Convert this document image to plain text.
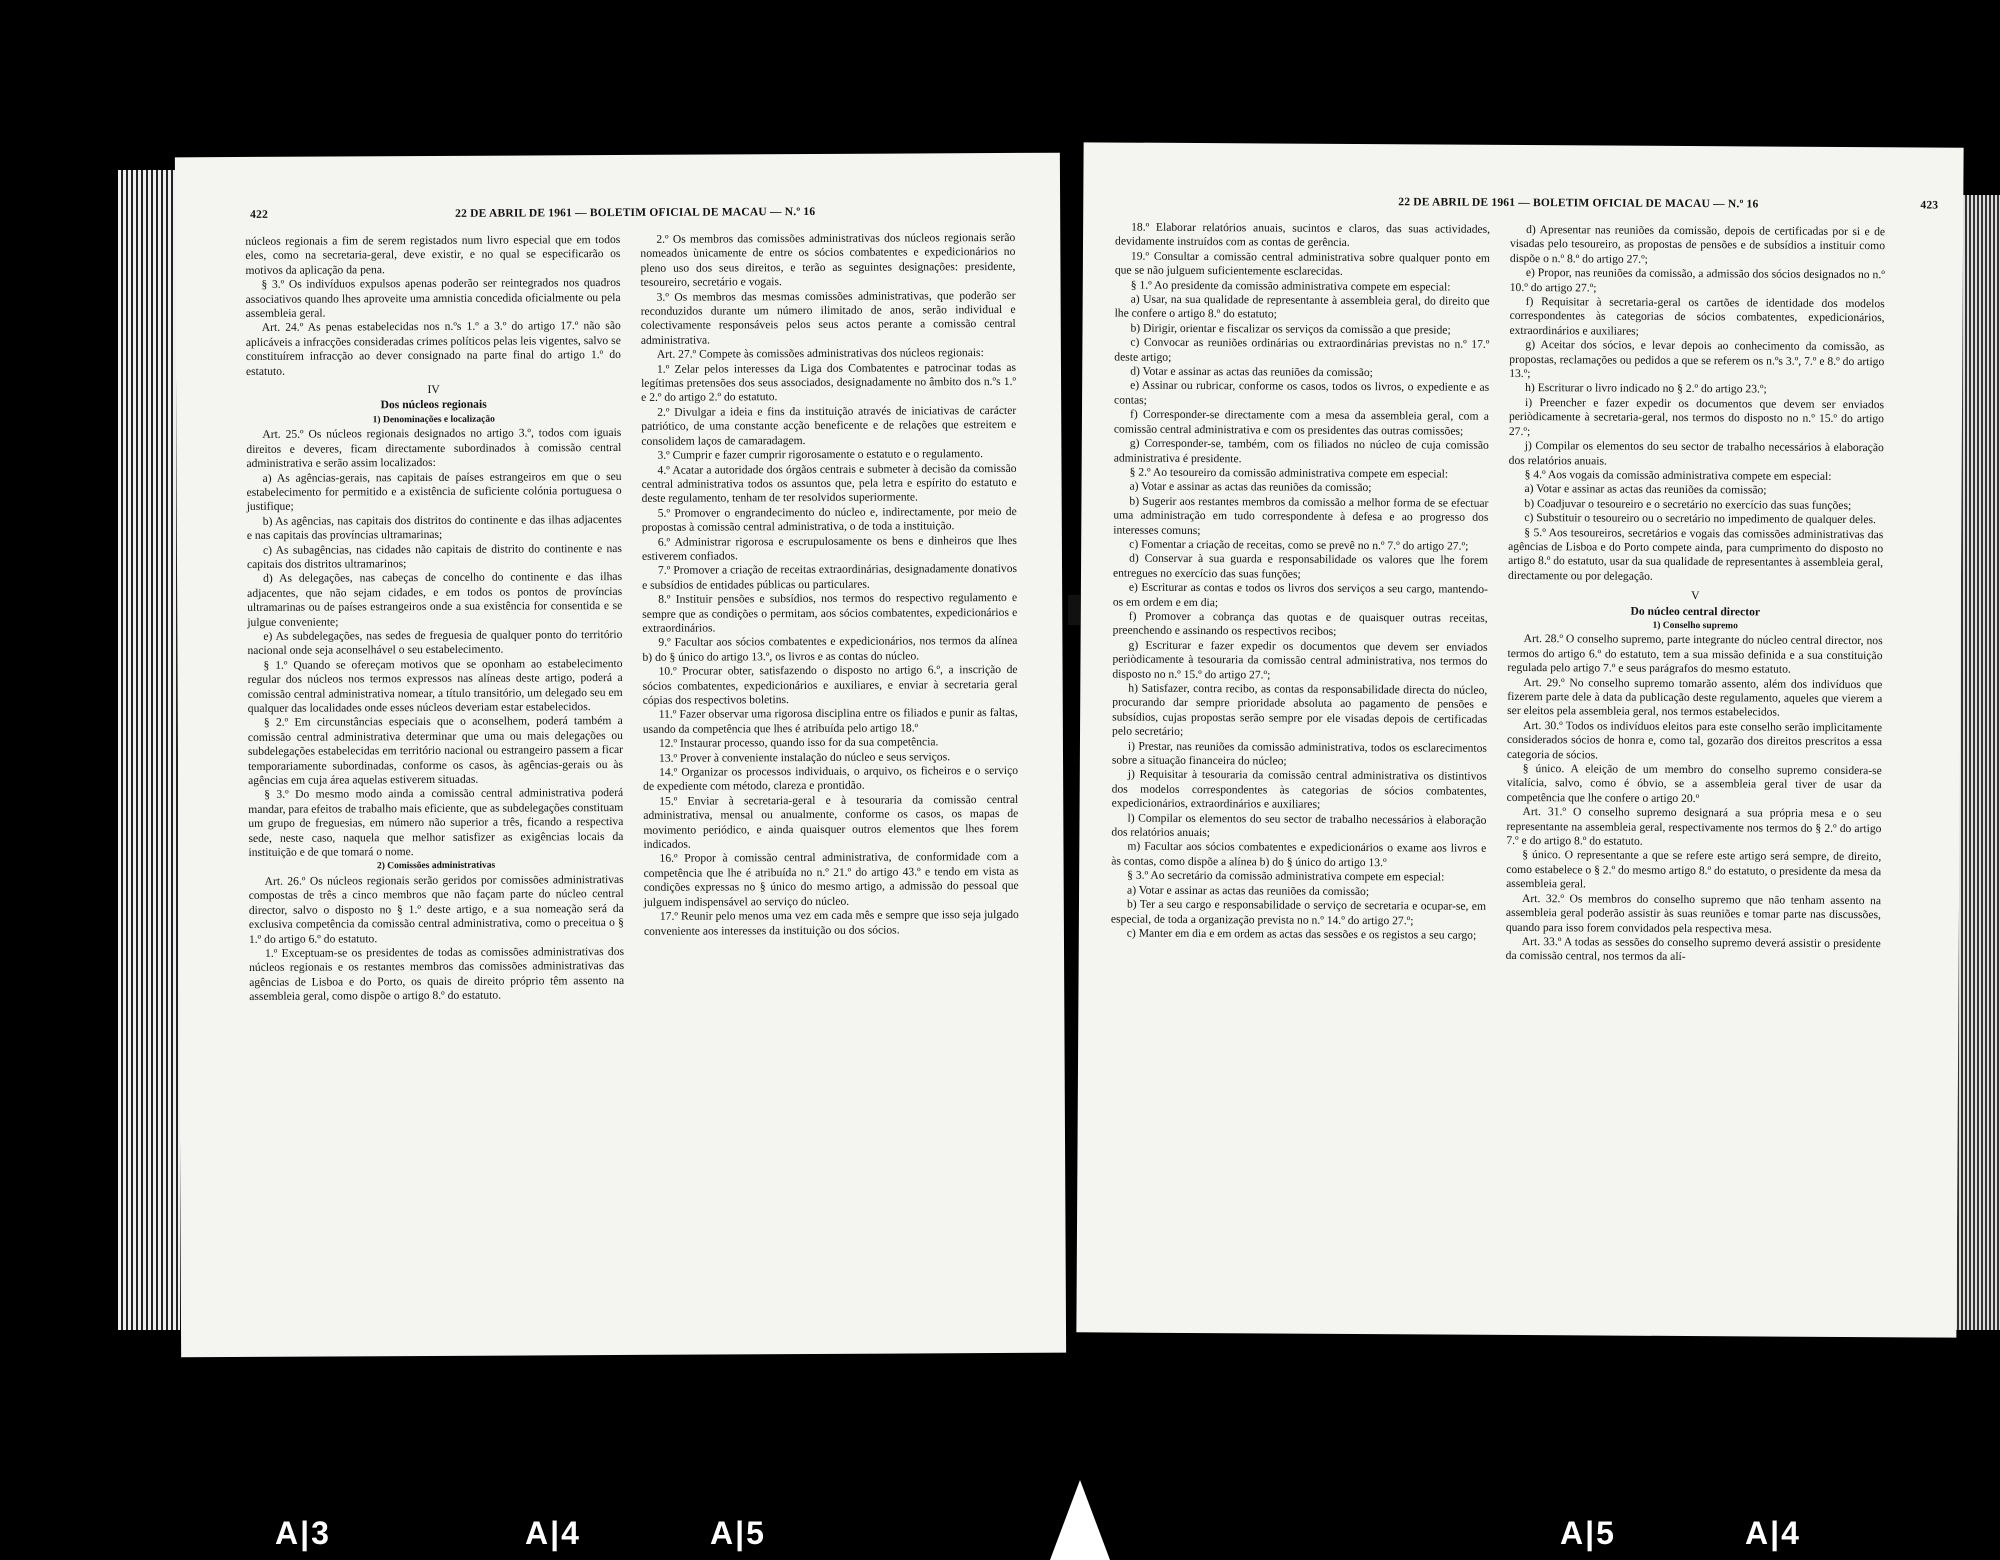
422	22 DE ABRIL DE 1961 — BOLETIM OFICIAL DE MACAU — N.º 16

núcleos regionais a fim de serem registados num livro especial que em todos eles, como na secretaria-geral, deve existir, e no qual se especificarão os motivos da aplicação da pena.

§ 3.º Os indivíduos expulsos apenas poderão ser reintegrados nos quadros associativos quando lhes aproveite uma amnistia concedida oficialmente ou pela assembleia geral.

Art. 24.º As penas estabelecidas nos n.ºs 1.º a 3.º do artigo 17.º não são aplicáveis a infracções consideradas crimes políticos pelas leis vigentes, salvo se constituírem infracção ao dever consignado na parte final do artigo 1.º do estatuto.

IV

Dos núcleos regionais

1) Denominações e localização

Art. 25.º Os núcleos regionais designados no artigo 3.º, todos com iguais direitos e deveres, ficam directamente subordinados à comissão central administrativa e serão assim localizados:

a) As agências-gerais, nas capitais de países estrangeiros em que o seu estabelecimento for permitido e a existência de suficiente colónia portuguesa o justifique;

b) As agências, nas capitais dos distritos do continente e das ilhas adjacentes e nas capitais das províncias ultramarinas;

c) As subagências, nas cidades não capitais de distrito do continente e nas capitais dos distritos ultramarinos;

d) As delegações, nas cabeças de concelho do continente e das ilhas adjacentes, que não sejam cidades, e em todos os pontos de províncias ultramarinas ou de países estrangeiros onde a sua existência for consentida e se julgue conveniente;

e) As subdelegações, nas sedes de freguesia de qualquer ponto do território nacional onde seja aconselhável o seu estabelecimento.

§ 1.º Quando se ofereçam motivos que se oponham ao estabelecimento regular dos núcleos nos termos expressos nas alíneas deste artigo, poderá a comissão central administrativa nomear, a título transitório, um delegado seu em qualquer das localidades onde esses núcleos deveriam estar estabelecidos.

§ 2.º Em circunstâncias especiais que o aconselhem, poderá também a comissão central administrativa determinar que uma ou mais delegações ou subdelegações estabelecidas em território nacional ou estrangeiro passem a ficar temporariamente subordinadas, conforme os casos, às agências-gerais ou às agências em cuja área aquelas estiverem situadas.

§ 3.º Do mesmo modo ainda a comissão central administrativa poderá mandar, para efeitos de trabalho mais eficiente, que as subdelegações constituam um grupo de freguesias, em número não superior a três, ficando a respectiva sede, neste caso, naquela que melhor satisfizer as exigências locais da instituição e de que tomará o nome.

2) Comissões administrativas

Art. 26.º Os núcleos regionais serão geridos por comissões administrativas compostas de três a cinco membros que não façam parte do núcleo central director, salvo o disposto no § 1.º deste artigo, e a sua nomeação será da exclusiva competência da comissão central administrativa, como o preceitua o § 1.º do artigo 6.º do estatuto.

1.º Exceptuam-se os presidentes de todas as comissões administrativas dos núcleos regionais e os restantes membros das comissões administrativas das agências de Lisboa e do Porto, os quais de direito próprio têm assento na assembleia geral, como dispõe o artigo 8.º do estatuto.

2.º Os membros das comissões administrativas dos núcleos regionais serão nomeados ùnicamente de entre os sócios combatentes e expedicionários no pleno uso dos seus direitos, e terão as seguintes designações: presidente, tesoureiro, secretário e vogais.

3.º Os membros das mesmas comissões administrativas, que poderão ser reconduzidos durante um número ilimitado de anos, serão individual e colectivamente responsáveis pelos seus actos perante a comissão central administrativa.

Art. 27.º Compete às comissões administrativas dos núcleos regionais:

1.º Zelar pelos interesses da Liga dos Combatentes e patrocinar todas as legítimas pretensões dos seus associados, designadamente no âmbito dos n.ºs 1.º e 2.º do artigo 2.º do estatuto.

2.º Divulgar a ideia e fins da instituição através de iniciativas de carácter patriótico, de uma constante acção beneficente e de relações que estreitem e consolidem laços de camaradagem.

3.º Cumprir e fazer cumprir rigorosamente o estatuto e o regulamento.

4.º Acatar a autoridade dos órgãos centrais e submeter à decisão da comissão central administrativa todos os assuntos que, pela letra e espírito do estatuto e deste regulamento, tenham de ter resolvidos superiormente.

5.º Promover o engrandecimento do núcleo e, indirectamente, por meio de propostas à comissão central administrativa, o de toda a instituição.

6.º Administrar rigorosa e escrupulosamente os bens e dinheiros que lhes estiverem confiados.

7.º Promover a criação de receitas extraordinárias, designadamente donativos e subsídios de entidades públicas ou particulares.

8.º Instituir pensões e subsídios, nos termos do respectivo regulamento e sempre que as condições o permitam, aos sócios combatentes, expedicionários e extraordinários.

9.º Facultar aos sócios combatentes e expedicionários, nos termos da alínea b) do § único do artigo 13.º, os livros e as contas do núcleo.

10.º Procurar obter, satisfazendo o disposto no artigo 6.º, a inscrição de sócios combatentes, expedicionários e auxiliares, e enviar à secretaria geral cópias dos respectivos boletins.

11.º Fazer observar uma rigorosa disciplina entre os filiados e punir as faltas, usando da competência que lhes é atribuída pelo artigo 18.º

12.º Instaurar processo, quando isso for da sua competência.

13.º Prover à conveniente instalação do núcleo e seus serviços.

14.º Organizar os processos individuais, o arquivo, os ficheiros e o serviço de expediente com método, clareza e prontidão.

15.º Enviar à secretaria-geral e à tesouraria da comissão central administrativa, mensal ou anualmente, conforme os casos, os mapas de movimento periódico, e ainda quaisquer outros elementos que lhes forem indicados.

16.º Propor à comissão central administrativa, de conformidade com a competência que lhe é atribuída no n.º 21.º do artigo 43.º e tendo em vista as condições expressas no § único do mesmo artigo, a admissão do pessoal que julguem indispensável ao serviço do núcleo.

17.º Reunir pelo menos uma vez em cada mês e sempre que isso seja julgado conveniente aos interesses da instituição ou dos sócios.

22 DE ABRIL DE 1961 — BOLETIM OFICIAL DE MACAU — N.º 16	423

18.º Elaborar relatórios anuais, sucintos e claros, das suas actividades, devidamente instruídos com as contas de gerência.

19.º Consultar a comissão central administrativa sobre qualquer ponto em que se não julguem suficientemente esclarecidas.

§ 1.º Ao presidente da comissão administrativa compete em especial:

a) Usar, na sua qualidade de representante à assembleia geral, do direito que lhe confere o artigo 8.º do estatuto;

b) Dirigir, orientar e fiscalizar os serviços da comissão a que preside;

c) Convocar as reuniões ordinárias ou extraordinárias previstas no n.º 17.º deste artigo;

d) Votar e assinar as actas das reuniões da comissão;

e) Assinar ou rubricar, conforme os casos, todos os livros, o expediente e as contas;

f) Corresponder-se directamente com a mesa da assembleia geral, com a comissão central administrativa e com os presidentes das outras comissões;

g) Corresponder-se, também, com os filiados no núcleo de cuja comissão administrativa é presidente.

§ 2.º Ao tesoureiro da comissão administrativa compete em especial:

a) Votar e assinar as actas das reuniões da comissão;

b) Sugerir aos restantes membros da comissão a melhor forma de se efectuar uma administração em tudo correspondente à defesa e ao progresso dos interesses comuns;

c) Fomentar a criação de receitas, como se prevê no n.º 7.º do artigo 27.º;

d) Conservar à sua guarda e responsabilidade os valores que lhe forem entregues no exercício das suas funções;

e) Escriturar as contas e todos os livros dos serviços a seu cargo, mantendo-os em ordem e em dia;

f) Promover a cobrança das quotas e de quaisquer outras receitas, preenchendo e assinando os respectivos recibos;

g) Escriturar e fazer expedir os documentos que devem ser enviados periòdicamente à tesouraria da comissão central administrativa, nos termos do disposto no n.º 15.º do artigo 27.º;

h) Satisfazer, contra recibo, as contas da responsabilidade directa do núcleo, procurando dar sempre prioridade absoluta ao pagamento de pensões e subsídios, cujas propostas serão sempre por ele visadas depois de certificadas pelo secretário;

i) Prestar, nas reuniões da comissão administrativa, todos os esclarecimentos sobre a situação financeira do núcleo;

j) Requisitar à tesouraria da comissão central administrativa os distintivos dos modelos correspondentes às categorias de sócios combatentes, expedicionários, extraordinários e auxiliares;

l) Compilar os elementos do seu sector de trabalho necessários à elaboração dos relatórios anuais;

m) Facultar aos sócios combatentes e expedicionários o exame aos livros e às contas, como dispõe a alínea b) do § único do artigo 13.º

§ 3.º Ao secretário da comissão administrativa compete em especial:

a) Votar e assinar as actas das reuniões da comissão;

b) Ter a seu cargo e responsabilidade o serviço de secretaria e ocupar-se, em especial, de toda a organização prevista no n.º 14.º do artigo 27.º;

c) Manter em dia e em ordem as actas das sessões e os registos a seu cargo;

d) Apresentar nas reuniões da comissão, depois de certificadas por si e de visadas pelo tesoureiro, as propostas de pensões e de subsídios a instituir como dispõe o n.º 8.º do artigo 27.º;

e) Propor, nas reuniões da comissão, a admissão dos sócios designados no n.º 10.º do artigo 27.º;

f) Requisitar à secretaria-geral os cartões de identidade dos modelos correspondentes às categorias de sócios combatentes, expedicionários, extraordinários e auxiliares;

g) Aceitar dos sócios, e levar depois ao conhecimento da comissão, as propostas, reclamações ou pedidos a que se referem os n.ºs 3.º, 7.º e 8.º do artigo 13.º;

h) Escriturar o livro indicado no § 2.º do artigo 23.º;

i) Preencher e fazer expedir os documentos que devem ser enviados periòdicamente à secretaria-geral, nos termos do disposto no n.º 15.º do artigo 27.º;

j) Compilar os elementos do seu sector de trabalho necessários à elaboração dos relatórios anuais.

§ 4.º Aos vogais da comissão administrativa compete em especial:

a) Votar e assinar as actas das reuniões da comissão;

b) Coadjuvar o tesoureiro e o secretário no exercício das suas funções;

c) Substituir o tesoureiro ou o secretário no impedimento de qualquer deles.

§ 5.º Aos tesoureiros, secretários e vogais das comissões administrativas das agências de Lisboa e do Porto compete ainda, para cumprimento do disposto no artigo 8.º do estatuto, usar da sua qualidade de representantes à assembleia geral, directamente ou por delegação.

V

Do núcleo central director

1) Conselho supremo

Art. 28.º O conselho supremo, parte integrante do núcleo central director, nos termos do artigo 6.º do estatuto, tem a sua missão definida e a sua constituição regulada pelo artigo 7.º e seus parágrafos do mesmo estatuto.

Art. 29.º No conselho supremo tomarão assento, além dos indivíduos que fizerem parte dele à data da publicação deste regulamento, aqueles que vierem a ser eleitos pela assembleia geral, nos termos estabelecidos.

Art. 30.º Todos os indivíduos eleitos para este conselho serão implìcitamente considerados sócios de honra e, como tal, gozarão dos direitos prescritos a essa categoria de sócios.

§ único. A eleição de um membro do conselho supremo considera-se vitalícia, salvo, como é óbvio, se a assembleia geral tiver de usar da competência que lhe confere o artigo 20.º

Art. 31.º O conselho supremo designará a sua própria mesa e o seu representante na assembleia geral, respectivamente nos termos do § 2.º do artigo 7.º e do artigo 8.º do estatuto.

§ único. O representante a que se refere este artigo será sempre, de direito, como estabelece o § 2.º do mesmo artigo 8.º do estatuto, o presidente da mesa da assembleia geral.

Art. 32.º Os membros do conselho supremo que não tenham assento na assembleia geral poderão assistir às suas reuniões e tomar parte nas discussões, quando para isso forem convidados pela respectiva mesa.

Art. 33.º A todas as sessões do conselho supremo deverá assistir o presidente da comissão central, nos termos da alí-

A|3	A|4	A|5	A|5	A|4
